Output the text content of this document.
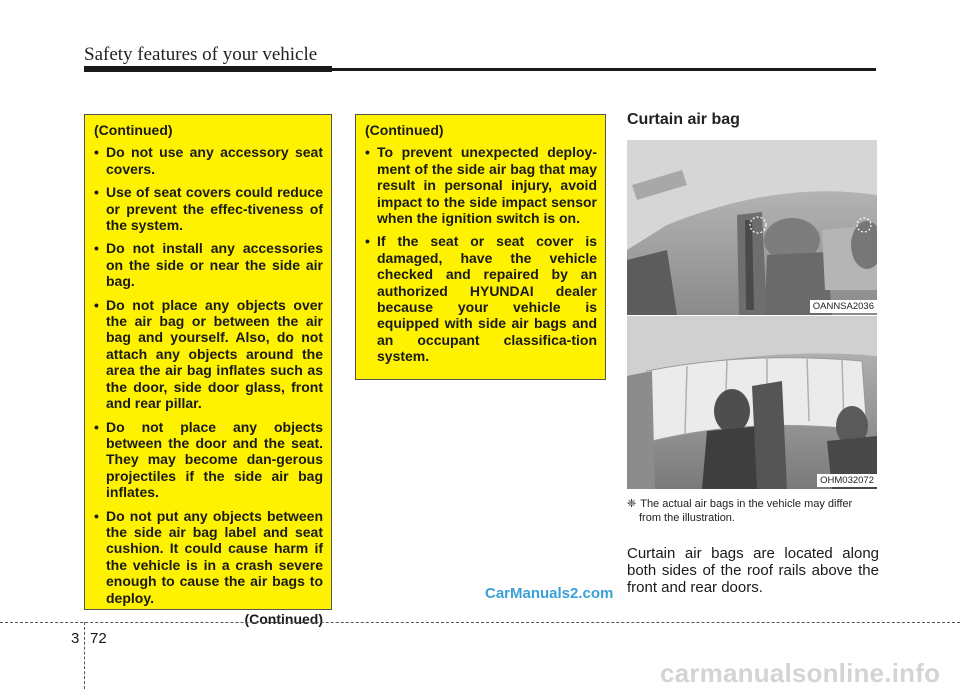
Safety features of your vehicle
(Continued)
• Do not use any accessory seat covers.
• Use of seat covers could reduce or prevent the effec-tiveness of the system.
• Do not install any accessories on the side or near the side air bag.
• Do not place any objects over the air bag or between the air bag and yourself. Also, do not attach any objects around the area the air bag inflates such as the door, side door glass, front and rear pillar.
• Do not place any objects between the door and the seat. They may become dan-gerous projectiles if the side air bag inflates.
• Do not put any objects between the side air bag label and seat cushion. It could cause harm if the vehicle is in a crash severe enough to cause the air bags to deploy.
(Continued)
(Continued)
• To prevent unexpected deploy-ment of the side air bag that may result in personal injury, avoid impact to the side impact sensor when the ignition switch is on.
• If the seat or seat cover is damaged, have the vehicle checked and repaired by an authorized HYUNDAI dealer because your vehicle is equipped with side air bags and an occupant classifica-tion system.
Curtain air bag
OANNSA2036
OHM032072
❈ The actual air bags in the vehicle may differ
from the illustration.
Curtain air bags are located along both sides of the roof rails above the front and rear doors.
CarManuals2.com
3 72
carmanualsonline.info
